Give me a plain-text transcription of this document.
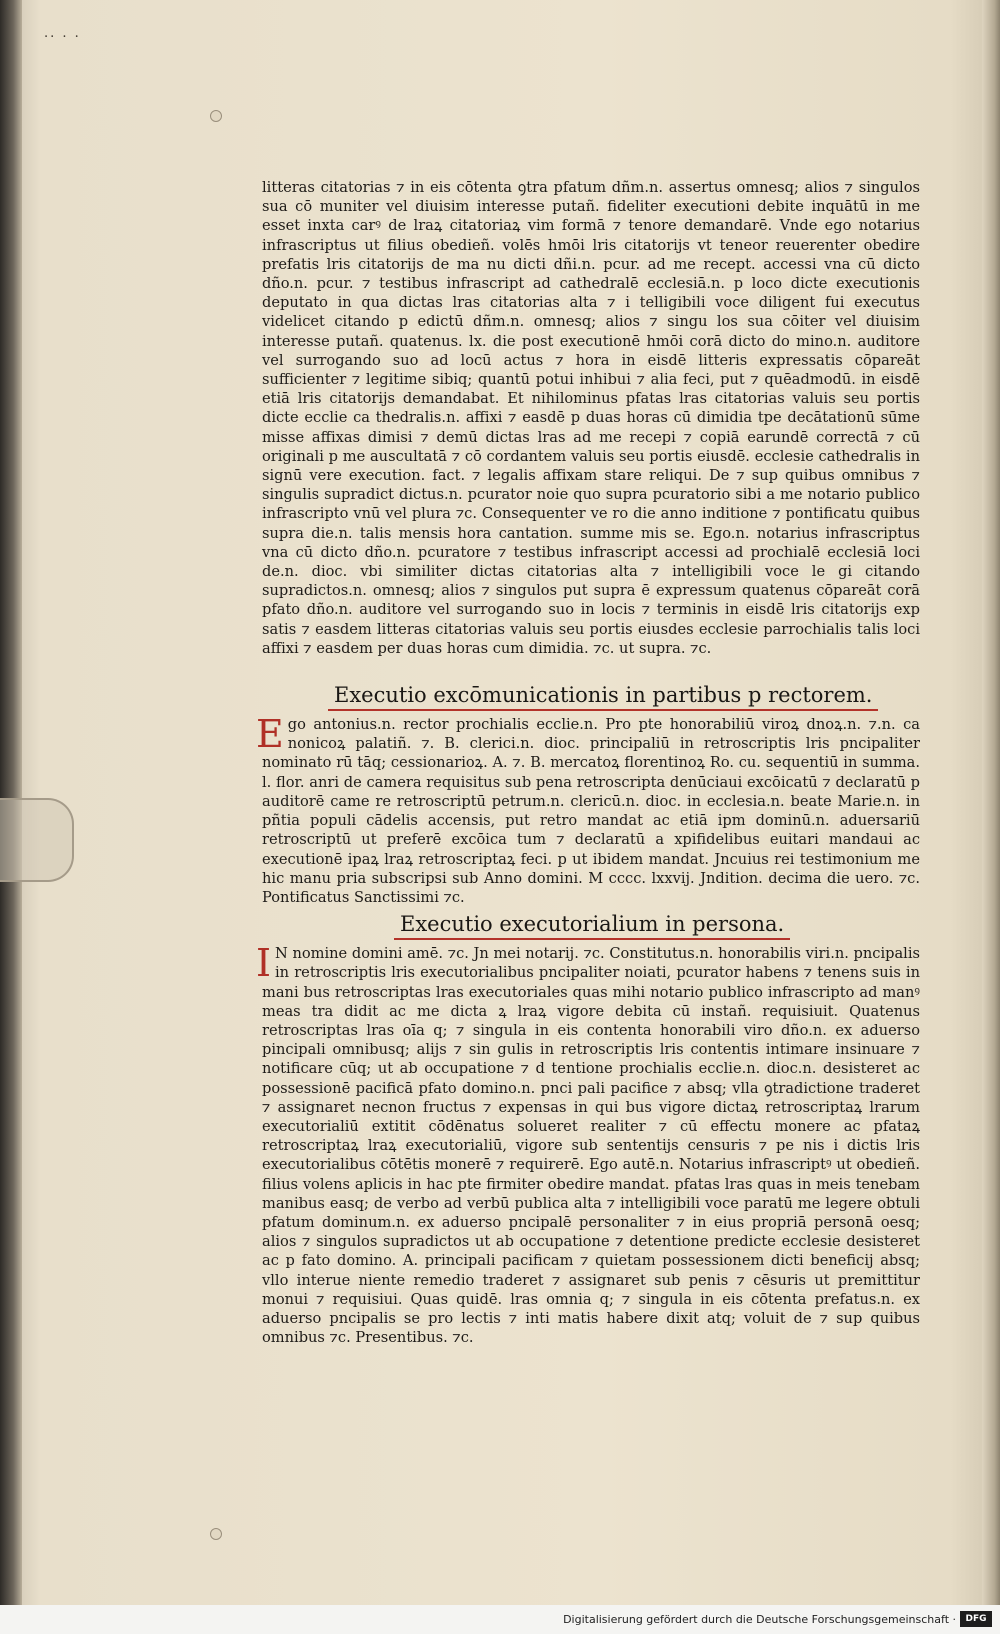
.. . .

litteras citatorias ⁊ in eis cōtenta ꝯtra pfatum dñm.n. assertus omnesq; alios ⁊ singulos sua cō muniter vel diuisim interesse putañ. fideliter executioni debite inquātū in me esset inxta carꝰ de lraꝝ citatoriaꝝ vim formā ⁊ tenore demandarē. Vnde ego notarius infrascriptus ut filius obedieñ. volēs hmōi lris citatorijs vt teneor reuerenter obedire prefatis lris citatorijs de ma nu dicti dñi.n. pcur. ad me recept. accessi vna cū dicto dño.n. pcur. ⁊ testibus infrascript ad cathedralē ecclesiā.n. p loco dicte executionis deputato in qua dictas lras citatorias alta ⁊ i telligibili voce diligent fui executus videlicet citando p edictū dñm.n. omnesq; alios ⁊ singu los sua cōiter vel diuisim interesse putañ. quatenus. lx. die post executionē hmōi corā dicto do mino.n. auditore vel surrogando suo ad locū actus ⁊ hora in eisdē litteris expressatis cōpareāt sufficienter ⁊ legitime sibiq; quantū potui inhibui ⁊ alia feci, put ⁊ quēadmodū. in eisdē etiā lris citatorijs demandabat. Et nihilominus pfatas lras citatorias valuis seu portis dicte ecclie ca thedralis.n. affixi ⁊ easdē p duas horas cū dimidia tpe decātationū sūme misse affixas dimisi ⁊ demū dictas lras ad me recepi ⁊ copiā earundē correctā ⁊ cū originali p me auscultatā ⁊ cō cordantem valuis seu portis eiusdē. ecclesie cathedralis in signū vere execution. fact. ⁊ legalis affixam stare reliqui. De ⁊ sup quibus omnibus ⁊ singulis supradict dictus.n. pcurator noie quo supra pcuratorio sibi a me notario publico infrascripto vnū vel plura ⁊c. Consequenter ve ro die anno inditione ⁊ pontificatu quibus supra die.n. talis mensis hora cantation. summe mis se. Ego.n. notarius infrascriptus vna cū dicto dño.n. pcuratore ⁊ testibus infrascript accessi ad prochialē ecclesiā loci de.n. dioc. vbi similiter dictas citatorias alta ⁊ intelligibili voce le gi citando supradictos.n. omnesq; alios ⁊ singulos put supra ē expressum quatenus cōpareāt corā pfato dño.n. auditore vel surrogando suo in locis ⁊ terminis in eisdē lris citatorijs exp satis ⁊ easdem litteras citatorias valuis seu portis eiusdes ecclesie parrochialis talis loci affixi ⁊ easdem per duas horas cum dimidia. ⁊c. ut supra. ⁊c.

Executio excōmunicationis in partibus p rectorem.

E go antonius.n. rector prochialis ecclie.n. Pro pte honorabiliū viroꝝ dnoꝝ.n. ⁊.n. ca nonicoꝝ palatiñ. ⁊. B. clerici.n. dioc. principaliū in retroscriptis lris pncipaliter nominato rū tāq; cessionarioꝝ. A. ⁊. B. mercatoꝝ florentinoꝝ Ro. cu. sequentiū in summa. l. flor. anri de camera requisitus sub pena retroscripta denūciaui excōicatū ⁊ declaratū p auditorē came re retroscriptū petrum.n. clericū.n. dioc. in ecclesia.n. beate Marie.n. in pñtia populi cādelis accensis, put retro mandat ac etiā ipm dominū.n. aduersariū retroscriptū ut preferē excōica tum ⁊ declaratū a xpifidelibus euitari mandaui ac executionē ipaꝝ lraꝝ retroscriptaꝝ feci. p ut ibidem mandat. Jncuius rei testimonium me hic manu pria subscripsi sub Anno domini. M cccc. lxxvij. Jndition. decima die uero. ⁊c. Pontificatus Sanctissimi ⁊c.

Executio executorialium in persona.

I N nomine domini amē. ⁊c. Jn mei notarij. ⁊c. Constitutus.n. honorabilis viri.n. pncipalis in retroscriptis lris executorialibus pncipaliter noiati, pcurator habens ⁊ tenens suis in mani bus retroscriptas lras executoriales quas mihi notario publico infrascripto ad manꝰ meas tra didit ac me dicta ꝝ lraꝝ vigore debita cū instañ. requisiuit. Quatenus retroscriptas lras oīa q; ⁊ singula in eis contenta honorabili viro dño.n. ex aduerso pincipali omnibusq; alijs ⁊ sin gulis in retroscriptis lris contentis intimare insinuare ⁊ notificare cūq; ut ab occupatione ⁊ d tentione prochialis ecclie.n. dioc.n. desisteret ac possessionē pacificā pfato domino.n. pnci pali pacifice ⁊ absq; vlla ꝯtradictione traderet ⁊ assignaret necnon fructus ⁊ expensas in qui bus vigore dictaꝝ retroscriptaꝝ lrarum executorialiū extitit cōdēnatus solueret realiter ⁊ cū effectu monere ac pfataꝝ retroscriptaꝝ lraꝝ executorialiū, vigore sub sententijs censuris ⁊ pe nis i dictis lris executorialibus cōtētis monerē ⁊ requirerē. Ego autē.n. Notarius infrascriptꝰ ut obedieñ. filius volens aplicis in hac pte firmiter obedire mandat. pfatas lras quas in meis tenebam manibus easq; de verbo ad verbū publica alta ⁊ intelligibili voce paratū me legere obtuli pfatum dominum.n. ex aduerso pncipalē personaliter ⁊ in eius propriā personā oesq; alios ⁊ singulos supradictos ut ab occupatione ⁊ detentione predicte ecclesie desisteret ac p fato domino. A. principali pacificam ⁊ quietam possessionem dicti beneficij absq; vllo interue niente remedio traderet ⁊ assignaret sub penis ⁊ cēsuris ut premittitur monui ⁊ requisiui. Quas quidē. lras omnia q; ⁊ singula in eis cōtenta prefatus.n. ex aduerso pncipalis se pro lectis ⁊ inti matis habere dixit atq; voluit de ⁊ sup quibus omnibus ⁊c. Presentibus. ⁊c.

Digitalisierung gefördert durch die Deutsche Forschungsgemeinschaft ·	DFG
